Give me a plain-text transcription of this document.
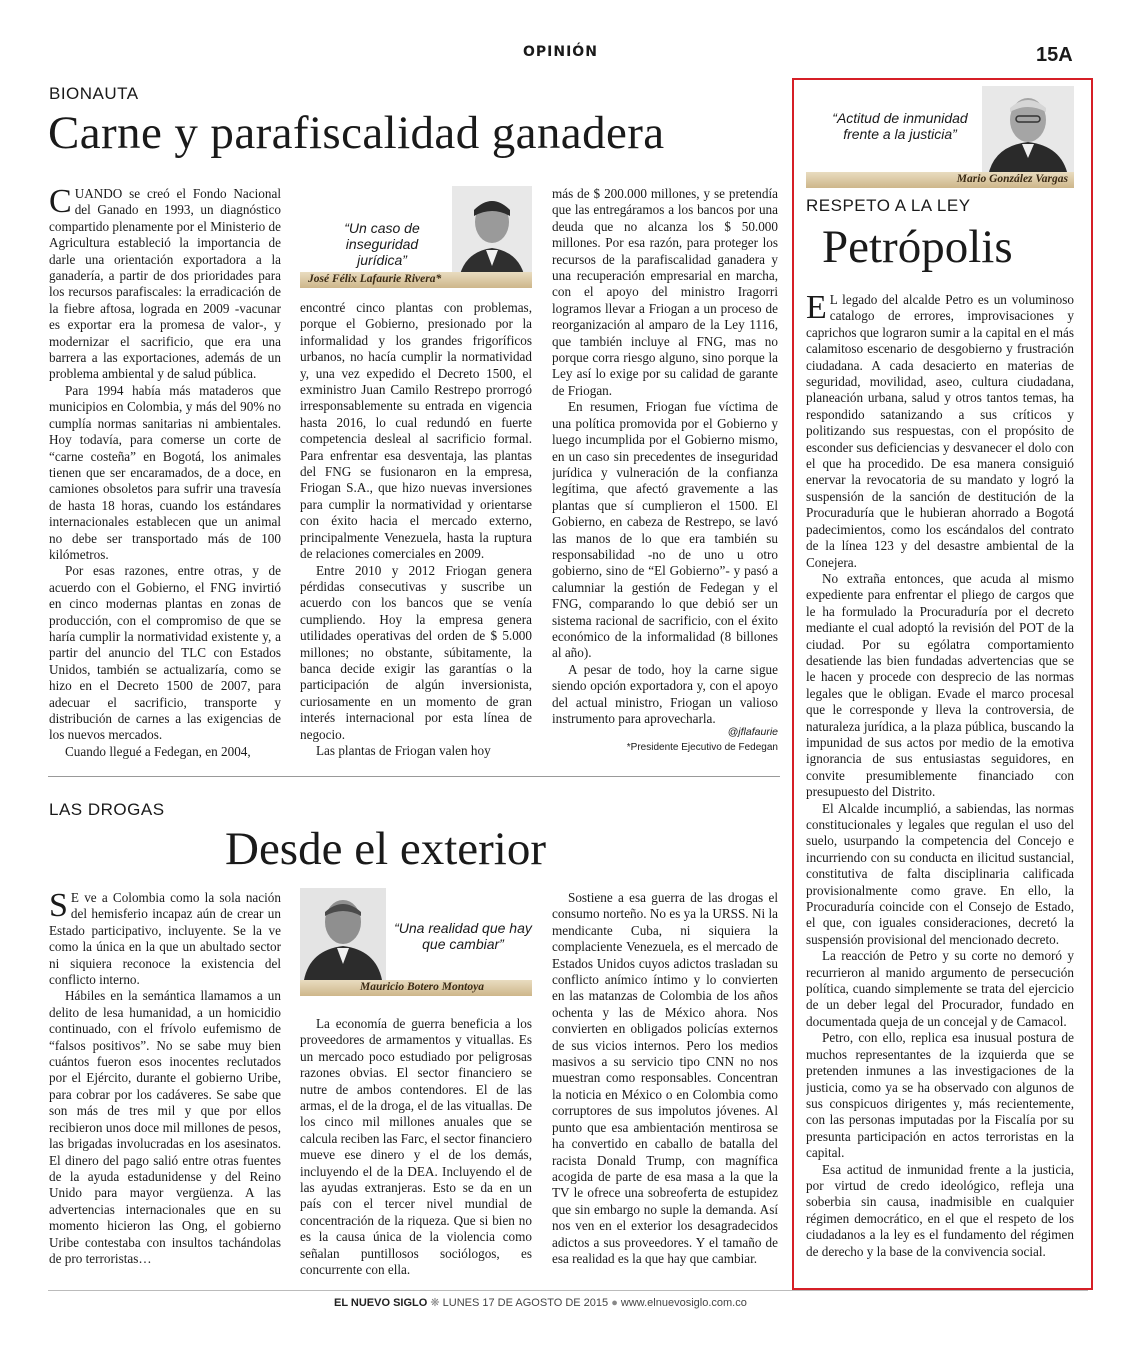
OPINIÓN	15A
BIONAUTA
Carne y parafiscalidad ganadera

CUANDO se creó el Fondo Nacional del Ganado en 1993, un diagnóstico compartido plenamente por el Ministerio de Agricultura estableció la importancia de darle una orientación exportadora a la ganadería, a partir de dos prioridades para los recursos parafiscales: la erradicación de la fiebre aftosa, lograda en 2009 -vacunar es exportar era la promesa de valor-, y modernizar el sacrificio, que era una barrera a las exportaciones, además de un problema ambiental y de salud pública.

Para 1994 había más mataderos que municipios en Colombia, y más del 90% no cumplía normas sanitarias ni ambientales. Hoy todavía, para comerse un corte de “carne costeña” en Bogotá, los animales tienen que ser encaramados, de a doce, en camiones obsoletos para sufrir una travesía de hasta 18 horas, cuando los estándares internacionales establecen que un animal no debe ser transportado más de 100 kilómetros.

Por esas razones, entre otras, y de acuerdo con el Gobierno, el FNG invirtió en cinco modernas plantas en zonas de producción, con el compromiso de que se haría cumplir la normatividad existente y, a partir del anuncio del TLC con Estados Unidos, también se actualizaría, como se hizo en el Decreto 1500 de 2007, para adecuar el sacrificio, transporte y distribución de carnes a las exigencias de los nuevos mercados.

Cuando llegué a Fedegan, en 2004,

“Un caso de inseguridad jurídica”
José Félix Lafaurie Rivera*

encontré cinco plantas con problemas, porque el Gobierno, presionado por la informalidad y los grandes frigoríficos urbanos, no hacía cumplir la normatividad y, una vez expedido el Decreto 1500, el exministro Juan Camilo Restrepo prorrogó irresponsablemente su entrada en vigencia hasta 2016, lo cual redundó en fuerte competencia desleal al sacrificio formal. Para enfrentar esa desventaja, las plantas del FNG se fusionaron en la empresa, Friogan S.A., que hizo nuevas inversiones para cumplir la normatividad y orientarse con éxito hacia el mercado externo, principalmente Venezuela, hasta la ruptura de relaciones comerciales en 2009.

Entre 2010 y 2012 Friogan genera pérdidas consecutivas y suscribe un acuerdo con los bancos que se venía cumpliendo. Hoy la empresa genera utilidades operativas del orden de $ 5.000 millones; no obstante, súbitamente, la banca decide exigir las garantías o la participación de algún inversionista, curiosamente en un momento de gran interés internacional por esta línea de negocio.

Las plantas de Friogan valen hoy

más de $ 200.000 millones, y se pretendía que las entregáramos a los bancos por una deuda que no alcanza los $ 50.000 millones. Por esa razón, para proteger los recursos de la parafiscalidad ganadera y una recuperación empresarial en marcha, con el apoyo del ministro Iragorri logramos llevar a Friogan a un proceso de reorganización al amparo de la Ley 1116, que también incluye al FNG, mas no porque corra riesgo alguno, sino porque la Ley así lo exige por su calidad de garante de Friogan.

En resumen, Friogan fue víctima de una política promovida por el Gobierno y luego incumplida por el Gobierno mismo, en un caso sin precedentes de inseguridad jurídica y vulneración de la confianza legítima, que afectó gravemente a las plantas que sí cumplieron el 1500. El Gobierno, en cabeza de Restrepo, se lavó las manos de lo que era también su responsabilidad -no de uno u otro gobierno, sino de “El Gobierno”- y pasó a calumniar la gestión de Fedegan y el FNG, comparando lo que debió ser un sistema racional de sacrificio, con el éxito económico de la informalidad (8 billones al año).

A pesar de todo, hoy la carne sigue siendo opción exportadora y, con el apoyo del actual ministro, Friogan un valioso instrumento para aprovecharla.

@jflafaurie
*Presidente Ejecutivo de Fedegan
LAS DROGAS
Desde el exterior

S E ve a Colombia como la sola nación del hemisferio incapaz aún de crear un Estado participativo, incluyente. Se la ve como la única en la que un abultado sector ni siquiera reconoce la existencia del conflicto interno.

Hábiles en la semántica llamamos a un delito de lesa humanidad, a un homicidio continuado, con el frívolo eufemismo de “falsos positivos”. No se sabe muy bien cuántos fueron esos inocentes reclutados por el Ejército, durante el gobierno Uribe, para cobrar por los cadáveres. Se sabe que son más de tres mil y que por ellos recibieron unos doce mil millones de pesos, las brigadas involucradas en los asesinatos. El dinero del pago salió entre otras fuentes de la ayuda estadunidense y del Reino Unido para mayor vergüenza. A las advertencias internacionales que en su momento hicieron las Ong, el gobierno Uribe contestaba con insultos tachándolas de pro terroristas…

“Una realidad que hay que cambiar”
Mauricio Botero Montoya

La economía de guerra beneficia a los proveedores de armamentos y vituallas. Es un mercado poco estudiado por peligrosas razones obvias. El sector financiero se nutre de ambos contendores. El de las armas, el de la droga, el de las vituallas. De los cinco mil millones anuales que se calcula reciben las Farc, el sector financiero mueve ese dinero y el de los demás, incluyendo el de la DEA. Incluyendo el de las ayudas extranjeras. Esto se da en un país con el tercer nivel mundial de concentración de la riqueza. Que si bien no es la causa única de la violencia como señalan puntillosos sociólogos, es concurrente con ella.

Sostiene a esa guerra de las drogas el consumo norteño. No es ya la URSS. Ni la mendicante Cuba, ni siquiera la complaciente Venezuela, es el mercado de Estados Unidos cuyos adictos trasladan su conflicto anímico íntimo y lo convierten en las matanzas de Colombia de los años ochenta y las de México ahora. Nos convierten en obligados policías externos de sus vicios internos. Pero los medios masivos a su servicio tipo CNN no nos muestran como responsables. Concentran la noticia en México o en Colombia como corruptores de sus impolutos jóvenes. Al punto que esa ambientación mentirosa se ha convertido en caballo de batalla del racista Donald Trump, con magnífica acogida de parte de esa masa a la que la TV le ofrece una sobreoferta de estupidez que sin embargo no suple la demanda. Así nos ven en el exterior los desagradecidos adictos a sus proveedores. Y el tamaño de esa realidad es la que hay que cambiar.

“Actitud de inmunidad frente a la justicia”
Mario González Vargas
RESPETO A LA LEY
Petrópolis

E L legado del alcalde Petro es un voluminoso catalogo de errores, improvisaciones y caprichos que lograron sumir a la capital en el más calamitoso escenario de desgobierno y frustración ciudadana. A cada desacierto en materias de seguridad, movilidad, aseo, cultura ciudadana, planeación urbana, salud y otros tantos temas, ha respondido satanizando a sus críticos y politizando sus respuestas, con el propósito de esconder sus deficiencias y desvanecer el dolo con el que ha procedido. De esa manera consiguió enervar la revocatoria de su mandato y logró la suspensión de la sanción de destitución de la Procuraduría que le hubieran ahorrado a Bogotá padecimientos, como los escándalos del contrato de la línea 123 y del desastre ambiental de la Conejera.

No extraña entonces, que acuda al mismo expediente para enfrentar el pliego de cargos que le ha formulado la Procuraduría por el decreto mediante el cual adoptó la revisión del POT de la ciudad. Por su ególatra comportamiento desatiende las bien fundadas advertencias que se le hacen y procede con desprecio de las normas legales que le obligan. Evade el marco procesal que le corresponde y lleva la controversia, de naturaleza jurídica, a la plaza pública, buscando la impunidad de sus actos por medio de la emotiva ignorancia de sus entusiastas seguidores, en convite presumiblemente financiado con presupuesto del Distrito.

El Alcalde incumplió, a sabiendas, las normas constitucionales y legales que regulan el uso del suelo, usurpando la competencia del Concejo e incurriendo con su conducta en ilicitud sustancial, constitutiva de falta disciplinaria calificada provisionalmente como grave. En ello, la Procuraduría coincide con el Consejo de Estado, el que, con iguales consideraciones, decretó la suspensión provisional del mencionado decreto.

La reacción de Petro y su corte no demoró y recurrieron al manido argumento de persecución política, cuando simplemente se trata del ejercicio de un deber legal del Procurador, fundado en documentada queja de un concejal y de Camacol.

Petro, con ello, replica esa inusual postura de muchos representantes de la izquierda que se pretenden inmunes a las investigaciones de la justicia, como ya se ha observado con algunos de sus conspicuos dirigentes y, más recientemente, con las personas imputadas por la Fiscalía por su presunta participación en actos terroristas en la capital.

Esa actitud de inmunidad frente a la justicia, por virtud de credo ideológico, refleja una soberbia sin causa, inadmisible en cualquier régimen democrático, en el que el respeto de los ciudadanos a la ley es el fundamento del régimen de derecho y la base de la convivencia social.

EL NUEVO SIGLO ❋ LUNES 17 DE AGOSTO DE 2015 ● www.elnuevosiglo.com.co
